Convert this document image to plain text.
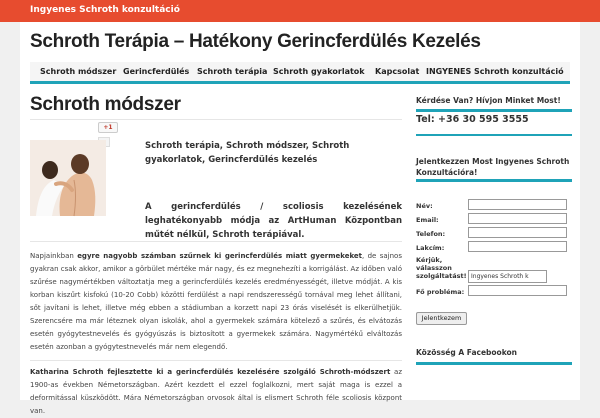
Ingyenes Schroth konzultáció
Schroth Terápia – Hatékony Gerincferdülés Kezelés
Schroth módszer Gerincferdülés Schroth terápia Schroth gyakorlatok Kapcsolat INGYENES Schroth konzultáció
Schroth módszer
+1
Schroth terápia, Schroth módszer, Schroth gyakorlatok, Gerincferdülés kezelés
A gerincferdülés / scoliosis kezelésének leghatékonyabb módja az ArtHuman Központban műtét nélkül, Schroth terápiával.

Napjainkban egyre nagyobb számban szűrnek ki gerincferdülés miatt gyermekeket, de sajnos gyakran csak akkor, amikor a görbület mértéke már nagy, és ez megnehezíti a korrigálást. Az időben való szűrése nagymértékben változtatja meg a gerincferdülés kezelés eredményességét, illetve módját. A kis korban kiszűrt kisfokú (10-20 Cobb) közötti ferdülést a napi rendszerességű tornával meg lehet állítani, sőt javítani is lehet, illetve még ebben a stádiumban a korzett napi 23 órás viselését is elkerülhetjük. Szerencsére ma már léteznek olyan iskolák, ahol a gyermekek számára kötelező a szűrés, és elvátozás esetén gyógytestnevelés és gyógyúszás is biztosított a gyermekek számára. Nagymértékű elváltozás esetén azonban a gyógytestnevelés már nem elegendő.

Katharina Schroth fejlesztette ki a gerincferdülés kezelésére szolgáló Schroth-módszert az 1900-as években Németországban. Azért kezdett el ezzel foglalkozni, mert saját maga is ezzel a deformitással küszködött. Mára Németországban orvosok által is elismert Schroth féle scoliosis központ van.

Kérdése Van? Hívjon Minket Most!
Tel: +36 30 595 3555
Jelentkezzen Most Ingyenes Schroth Konzultációra!
Név:
Email:
Telefon:
Lakcím:
Kérjük, válasszon szolgáltatást! Ingyenes Schroth k
Fő probléma:
Jelentkezem
Közösség A Facebookon
